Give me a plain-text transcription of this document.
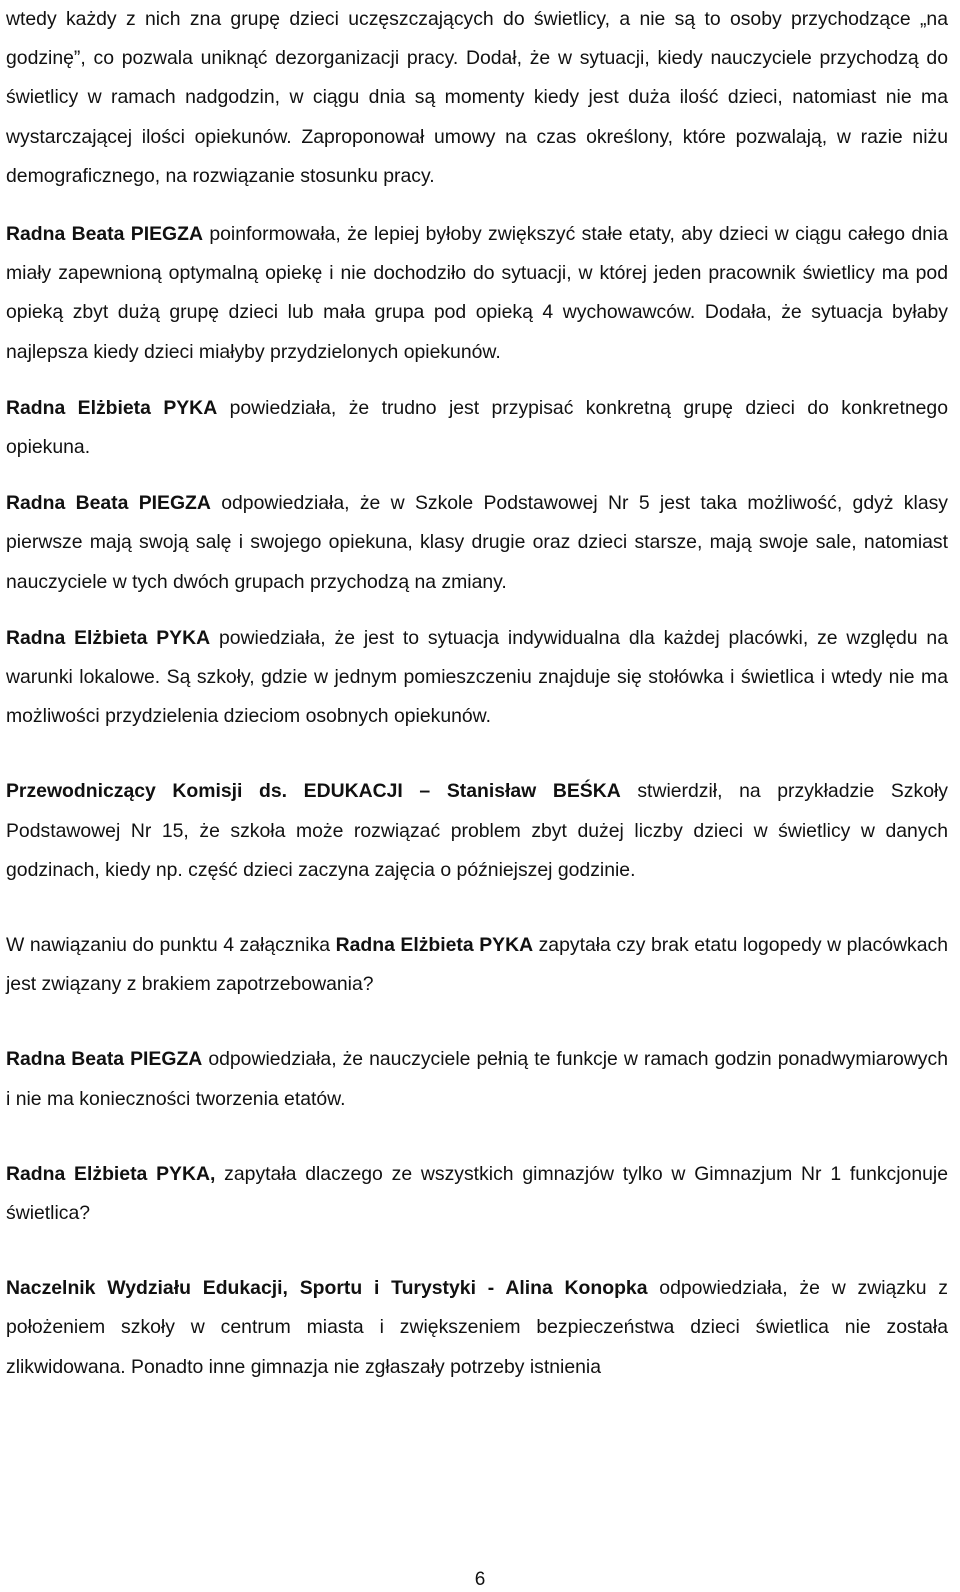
wtedy każdy z nich zna grupę dzieci uczęszczających do świetlicy, a nie są to osoby przychodzące „na godzinę”, co pozwala uniknąć dezorganizacji pracy. Dodał, że w sytuacji, kiedy nauczyciele przychodzą do świetlicy w ramach nadgodzin, w ciągu dnia są momenty kiedy jest duża ilość dzieci, natomiast nie ma wystarczającej ilości opiekunów. Zaproponował umowy na czas określony, które pozwalają, w razie niżu demograficznego, na rozwiązanie stosunku pracy.

Radna Beata PIEGZA poinformowała, że lepiej byłoby zwiększyć stałe etaty, aby dzieci w ciągu całego dnia miały zapewnioną optymalną opiekę i nie dochodziło do sytuacji, w której jeden pracownik świetlicy ma pod opieką zbyt dużą grupę dzieci lub mała grupa pod opieką 4 wychowawców. Dodała, że sytuacja byłaby najlepsza kiedy dzieci miałyby przydzielonych opiekunów.

Radna Elżbieta PYKA powiedziała, że trudno jest przypisać konkretną grupę dzieci do konkretnego opiekuna.

Radna Beata PIEGZA odpowiedziała, że w Szkole Podstawowej Nr 5 jest taka możliwość, gdyż klasy pierwsze mają swoją salę i swojego opiekuna, klasy drugie oraz dzieci starsze, mają swoje sale, natomiast nauczyciele w tych dwóch grupach przychodzą na zmiany.

Radna Elżbieta PYKA powiedziała, że jest to sytuacja indywidualna dla każdej placówki, ze względu na warunki lokalowe. Są szkoły, gdzie w jednym pomieszczeniu znajduje się stołówka i świetlica i wtedy nie ma możliwości przydzielenia dzieciom osobnych opiekunów.

Przewodniczący Komisji ds. EDUKACJI – Stanisław BEŚKA stwierdził, na przykładzie Szkoły Podstawowej Nr 15, że szkoła może rozwiązać problem zbyt dużej liczby dzieci w świetlicy w danych godzinach, kiedy np. część dzieci zaczyna zajęcia o późniejszej godzinie.

W nawiązaniu do punktu 4 załącznika Radna Elżbieta PYKA zapytała czy brak etatu logopedy w placówkach jest związany z brakiem zapotrzebowania?

Radna Beata PIEGZA odpowiedziała, że nauczyciele pełnią te funkcje w ramach godzin ponadwymiarowych i nie ma konieczności tworzenia etatów.

Radna Elżbieta PYKA, zapytała dlaczego ze wszystkich gimnazjów tylko w Gimnazjum Nr 1 funkcjonuje świetlica?

Naczelnik Wydziału Edukacji, Sportu i Turystyki - Alina Konopka odpowiedziała, że w związku z położeniem szkoły w centrum miasta i zwiększeniem bezpieczeństwa dzieci świetlica nie została zlikwidowana. Ponadto inne gimnazja nie zgłaszały potrzeby istnienia

6
